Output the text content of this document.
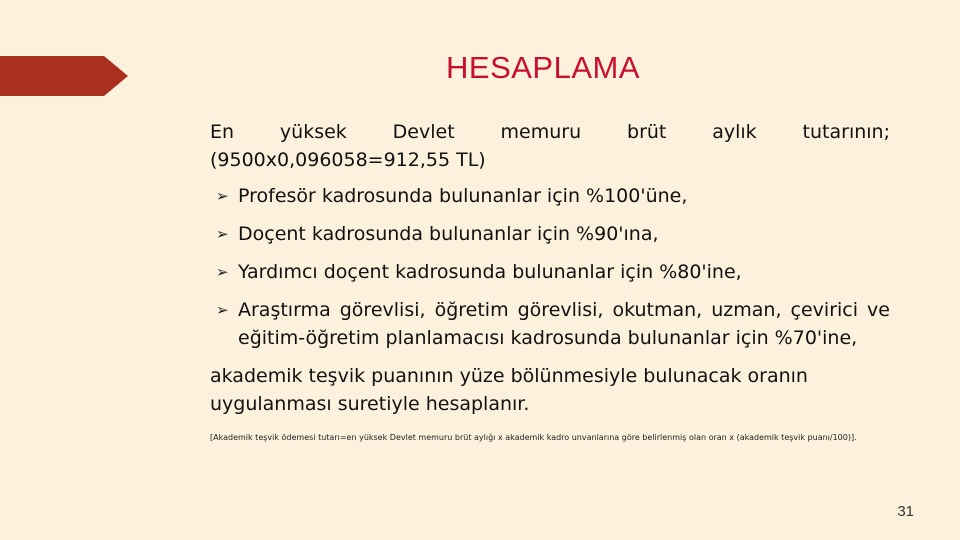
HESAPLAMA

En yüksek Devlet memuru brüt aylık tutarının;
(9500x0,096058=912,55 TL)

➢ Profesör kadrosunda bulunanlar için %100'üne,
➢ Doçent kadrosunda bulunanlar için %90'ına,
➢ Yardımcı doçent kadrosunda bulunanlar için %80'ine,
➢ Araştırma görevlisi, öğretim görevlisi, okutman, uzman, çevirici ve eğitim-öğretim planlamacısı kadrosunda bulunanlar için %70'ine,

akademik teşvik puanının yüze bölünmesiyle bulunacak oranın uygulanması suretiyle hesaplanır.

[Akademik teşvik ödemesi tutarı=en yüksek Devlet memuru brüt aylığı x akademik kadro unvanlarına göre belirlenmiş olan oran x (akademik teşvik puanı/100)].

31
